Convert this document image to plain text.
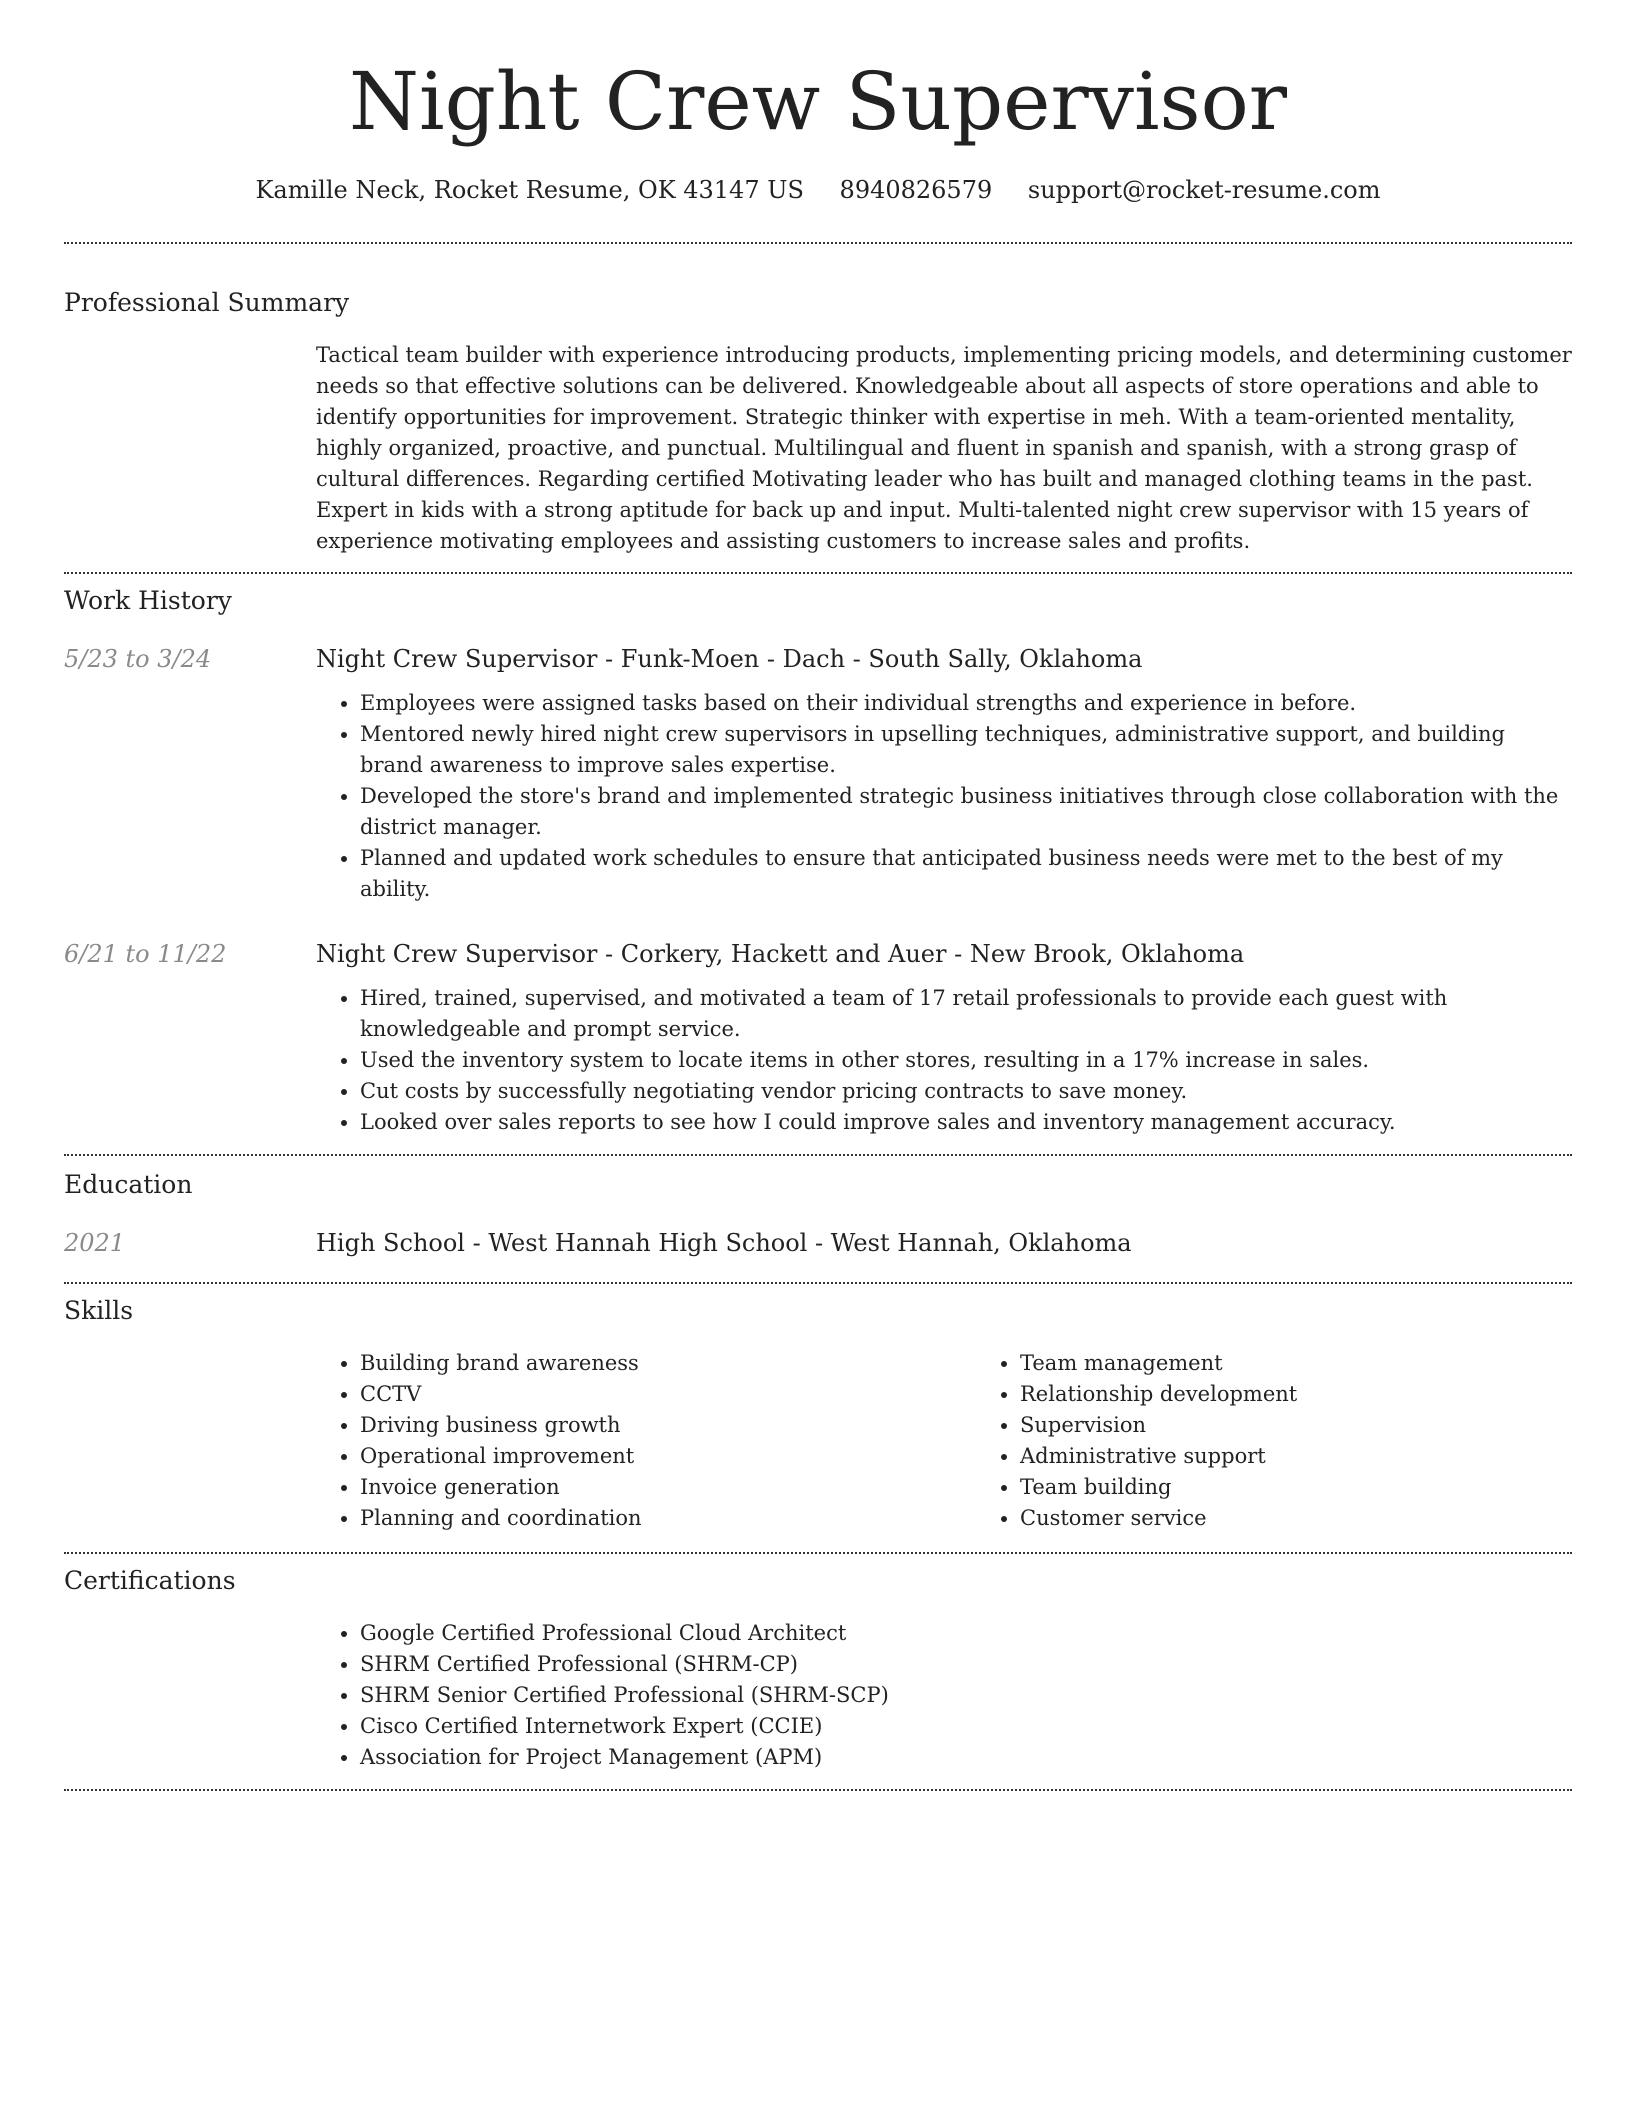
Night Crew Supervisor
Kamille Neck, Rocket Resume, OK 43147 US 8940826579 support@rocket-resume.com
Professional Summary
Tactical team builder with experience introducing products, implementing pricing models, and determining customer needs so that effective solutions can be delivered. Knowledgeable about all aspects of store operations and able to identify opportunities for improvement. Strategic thinker with expertise in meh. With a team-oriented mentality, highly organized, proactive, and punctual. Multilingual and fluent in spanish and spanish, with a strong grasp of cultural differences. Regarding certified Motivating leader who has built and managed clothing teams in the past. Expert in kids with a strong aptitude for back up and input. Multi-talented night crew supervisor with 15 years of experience motivating employees and assisting customers to increase sales and profits.
Work History
5/23 to 3/24	Night Crew Supervisor - Funk-Moen - Dach - South Sally, Oklahoma
• Employees were assigned tasks based on their individual strengths and experience in before.
• Mentored newly hired night crew supervisors in upselling techniques, administrative support, and building brand awareness to improve sales expertise.
• Developed the store's brand and implemented strategic business initiatives through close collaboration with the district manager.
• Planned and updated work schedules to ensure that anticipated business needs were met to the best of my ability.
6/21 to 11/22	Night Crew Supervisor - Corkery, Hackett and Auer - New Brook, Oklahoma
• Hired, trained, supervised, and motivated a team of 17 retail professionals to provide each guest with knowledgeable and prompt service.
• Used the inventory system to locate items in other stores, resulting in a 17% increase in sales.
• Cut costs by successfully negotiating vendor pricing contracts to save money.
• Looked over sales reports to see how I could improve sales and inventory management accuracy.
Education
2021	High School - West Hannah High School - West Hannah, Oklahoma
Skills
• Building brand awareness
• CCTV
• Driving business growth
• Operational improvement
• Invoice generation
• Planning and coordination
• Team management
• Relationship development
• Supervision
• Administrative support
• Team building
• Customer service
Certifications
• Google Certified Professional Cloud Architect
• SHRM Certified Professional (SHRM-CP)
• SHRM Senior Certified Professional (SHRM-SCP)
• Cisco Certified Internetwork Expert (CCIE)
• Association for Project Management (APM)
